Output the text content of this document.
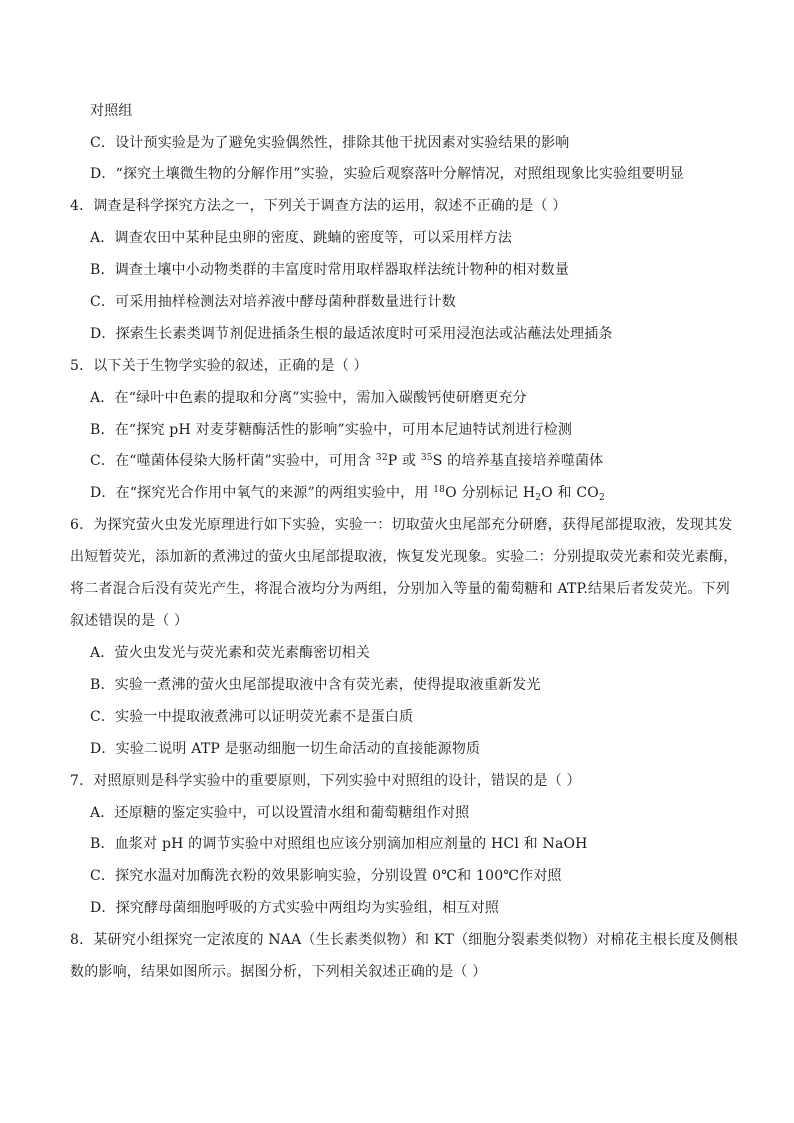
对照组
C．设计预实验是为了避免实验偶然性，排除其他干扰因素对实验结果的影响
D．“探究土壤微生物的分解作用”实验，实验后观察落叶分解情况，对照组现象比实验组要明显
4．调查是科学探究方法之一，下列关于调查方法的运用，叙述不正确的是（ ）
A．调查农田中某种昆虫卵的密度、跳蝻的密度等，可以采用样方法
B．调查土壤中小动物类群的丰富度时常用取样器取样法统计物种的相对数量
C．可采用抽样检测法对培养液中酵母菌种群数量进行计数
D．探索生长素类调节剂促进插条生根的最适浓度时可采用浸泡法或沾蘸法处理插条
5．以下关于生物学实验的叙述，正确的是（ ）
A．在“绿叶中色素的提取和分离”实验中，需加入碳酸钙使研磨更充分
B．在“探究 pH 对麦芽糖酶活性的影响”实验中，可用本尼迪特试剂进行检测
C．在“噬菌体侵染大肠杆菌”实验中，可用含 $^{32}$P 或 $^{35}$S 的培养基直接培养噬菌体
D．在“探究光合作用中氧气的来源”的两组实验中，用 $^{18}$O 分别标记 $H_2O$ 和 $CO_2$
6．为探究萤火虫发光原理进行如下实验，实验一：切取萤火虫尾部充分研磨，获得尾部提取液，发现其发
出短暂荧光，添加新的煮沸过的萤火虫尾部提取液，恢复发光现象。实验二：分别提取荧光素和荧光素酶，
将二者混合后没有荧光产生，将混合液均分为两组，分别加入等量的葡萄糖和 ATP.结果后者发荧光。下列
叙述错误的是（ ）
A．萤火虫发光与荧光素和荧光素酶密切相关
B．实验一煮沸的萤火虫尾部提取液中含有荧光素，使得提取液重新发光
C．实验一中提取液煮沸可以证明荧光素不是蛋白质
D．实验二说明 ATP 是驱动细胞一切生命活动的直接能源物质
7．对照原则是科学实验中的重要原则，下列实验中对照组的设计，错误的是（ ）
A．还原糖的鉴定实验中，可以设置清水组和葡萄糖组作对照
B．血浆对 pH 的调节实验中对照组也应该分别滴加相应剂量的 HCl 和 NaOH
C．探究水温对加酶洗衣粉的效果影响实验，分别设置 0℃和 100℃作对照
D．探究酵母菌细胞呼吸的方式实验中两组均为实验组，相互对照
8．某研究小组探究一定浓度的 NAA（生长素类似物）和 KT（细胞分裂素类似物）对棉花主根长度及侧根
数的影响，结果如图所示。据图分析，下列相关叙述正确的是（ ）
